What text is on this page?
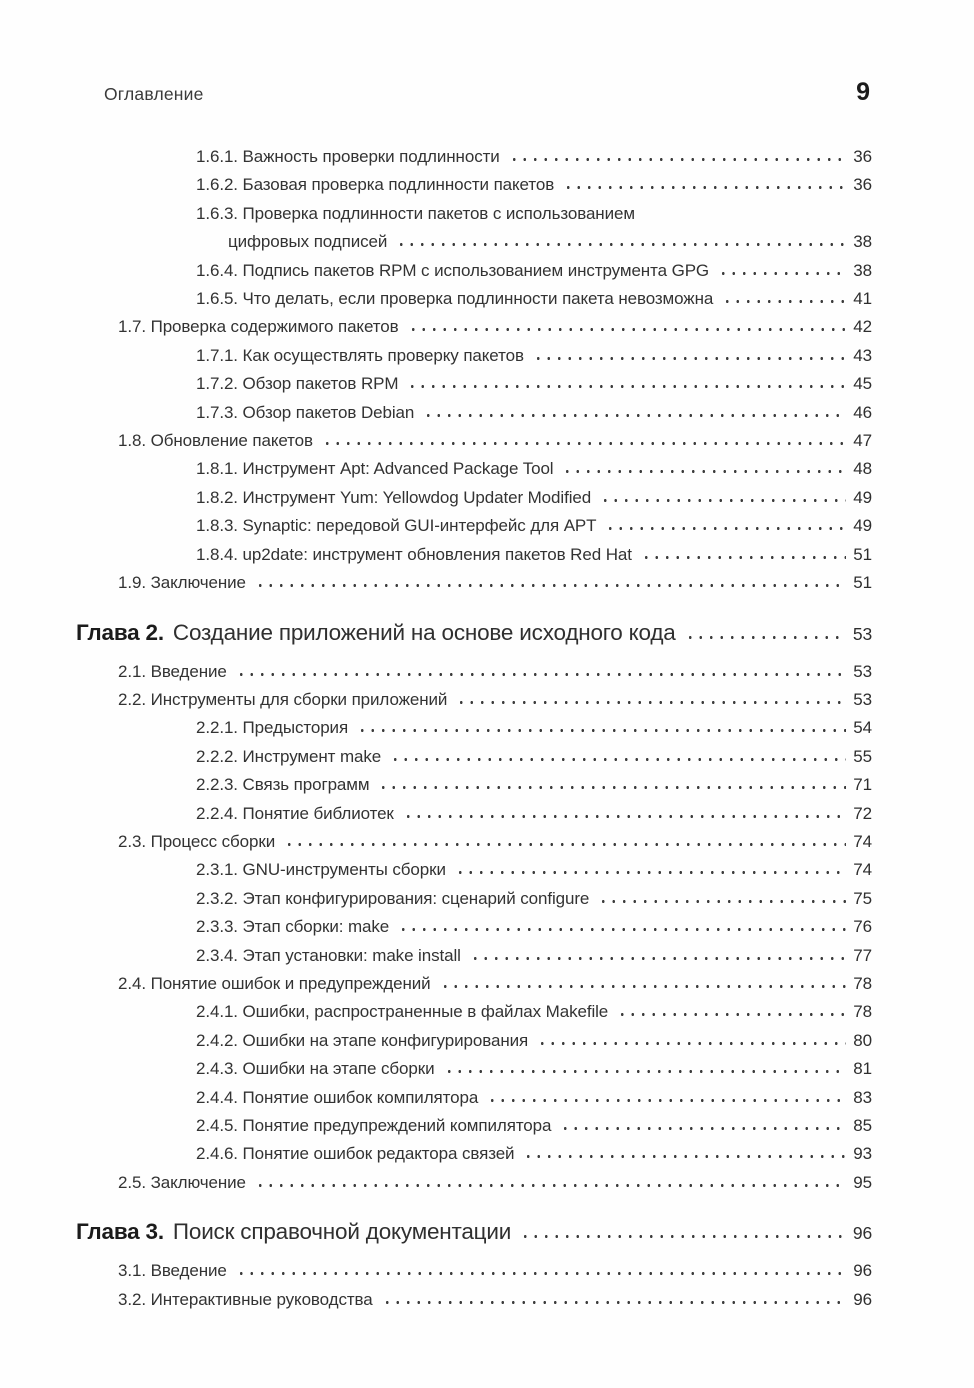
Оглавление	9
1.6.1. Важность проверки подлинности	36
1.6.2. Базовая проверка подлинности пакетов	36
1.6.3. Проверка подлинности пакетов с использованием
цифровых подписей	38
1.6.4. Подпись пакетов RPM с использованием инструмента GPG	38
1.6.5. Что делать, если проверка подлинности пакета невозможна	41
1.7. Проверка содержимого пакетов	42
1.7.1. Как осуществлять проверку пакетов	43
1.7.2. Обзор пакетов RPM	45
1.7.3. Обзор пакетов Debian	46
1.8. Обновление пакетов	47
1.8.1. Инструмент Apt: Advanced Package Tool	48
1.8.2. Инструмент Yum: Yellowdog Updater Modified	49
1.8.3. Synaptic: передовой GUI-интерфейс для APT	49
1.8.4. up2date: инструмент обновления пакетов Red Hat	51
1.9. Заключение	51
Глава 2. Создание приложений на основе исходного кода	53
2.1. Введение	53
2.2. Инструменты для сборки приложений	53
2.2.1. Предыстория	54
2.2.2. Инструмент make	55
2.2.3. Связь программ	71
2.2.4. Понятие библиотек	72
2.3. Процесс сборки	74
2.3.1. GNU-инструменты сборки	74
2.3.2. Этап конфигурирования: сценарий configure	75
2.3.3. Этап сборки: make	76
2.3.4. Этап установки: make install	77
2.4. Понятие ошибок и предупреждений	78
2.4.1. Ошибки, распространенные в файлах Makefile	78
2.4.2. Ошибки на этапе конфигурирования	80
2.4.3. Ошибки на этапе сборки	81
2.4.4. Понятие ошибок компилятора	83
2.4.5. Понятие предупреждений компилятора	85
2.4.6. Понятие ошибок редактора связей	93
2.5. Заключение	95
Глава 3. Поиск справочной документации	96
3.1. Введение	96
3.2. Интерактивные руководства	96
